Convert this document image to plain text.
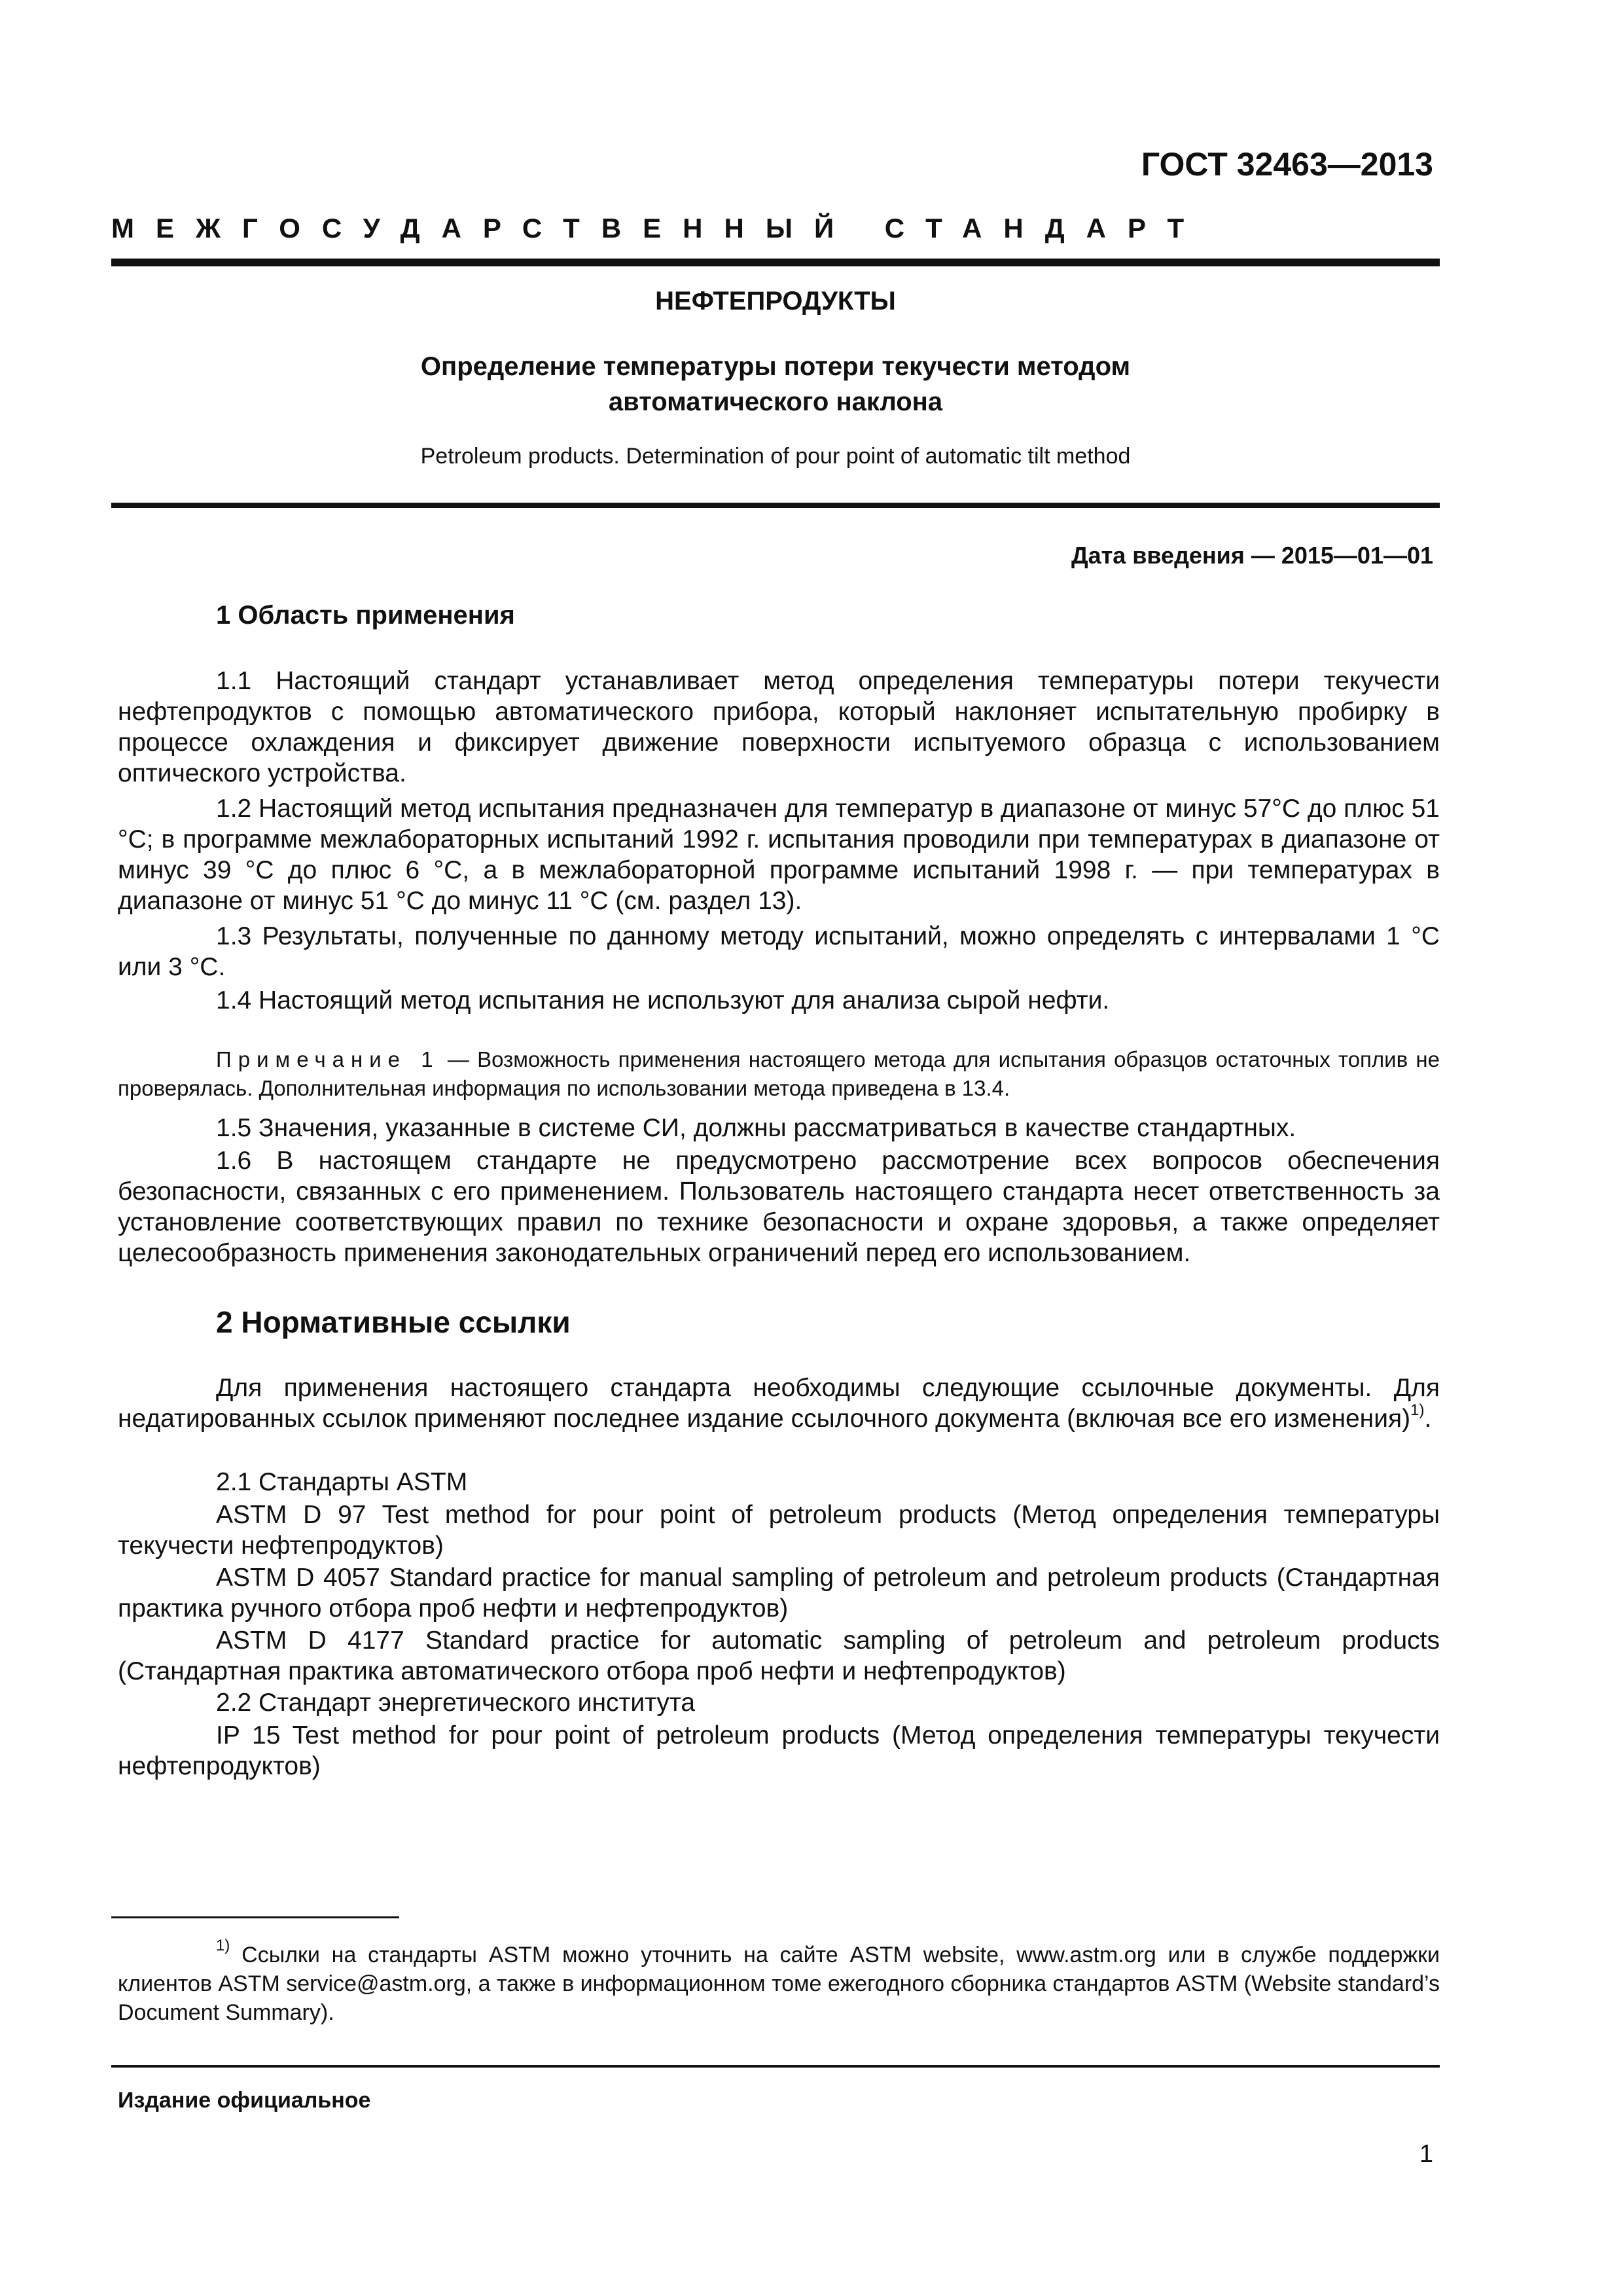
ГОСТ 32463—2013
МЕЖГОСУДАРСТВЕННЫЙ СТАНДАРТ
НЕФТЕПРОДУКТЫ
Определение температуры потери текучести методом
автоматического наклона
Petroleum products. Determination of pour point of automatic tilt method
Дата введения — 2015—01—01
1 Область применения

1.1 Настоящий стандарт устанавливает метод определения температуры потери текучести нефтепродуктов с помощью автоматического прибора, который наклоняет испытательную пробирку в процессе охлаждения и фиксирует движение поверхности испытуемого образца с использованием оптического устройства.

1.2 Настоящий метод испытания предназначен для температур в диапазоне от минус 57°С до плюс 51 °С; в программе межлабораторных испытаний 1992 г. испытания проводили при температурах в диапазоне от минус 39 °С до плюс 6 °С, а в межлабораторной программе испытаний 1998 г. — при температурах в диапазоне от минус 51 °С до минус 11 °С (см. раздел 13).

1.3 Результаты, полученные по данному методу испытаний, можно определять с интервалами 1 °С или 3 °С.

1.4 Настоящий метод испытания не используют для анализа сырой нефти.

Примечание 1 — Возможность применения настоящего метода для испытания образцов остаточных топлив не проверялась. Дополнительная информация по использовании метода приведена в 13.4.

1.5 Значения, указанные в системе СИ, должны рассматриваться в качестве стандартных.

1.6 В настоящем стандарте не предусмотрено рассмотрение всех вопросов обеспечения безопасности, связанных с его применением. Пользователь настоящего стандарта несет ответственность за установление соответствующих правил по технике безопасности и охране здоровья, а также определяет целесообразность применения законодательных ограничений перед его использованием.

2 Нормативные ссылки

Для применения настоящего стандарта необходимы следующие ссылочные документы. Для недатированных ссылок применяют последнее издание ссылочного документа (включая все его изменения)$^{1)}$.

2.1 Стандарты ASTM

ASTM D 97 Test method for pour point of petroleum products (Метод определения температуры текучести нефтепродуктов)

ASTM D 4057 Standard practice for manual sampling of petroleum and petroleum products (Стандартная практика ручного отбора проб нефти и нефтепродуктов)

ASTM D 4177 Standard practice for automatic sampling of petroleum and petroleum products (Стандартная практика автоматического отбора проб нефти и нефтепродуктов)

2.2 Стандарт энергетического института

IP 15 Test method for pour point of petroleum products (Метод определения температуры текучести нефтепродуктов)

$^{1)}$ Ссылки на стандарты ASTM можно уточнить на сайте ASTM website, www.astm.org или в службе поддержки клиентов ASTM service@astm.org, а также в информационном томе ежегодного сборника стандартов ASTM (Website standard’s Document Summary).

Издание официальное
1
